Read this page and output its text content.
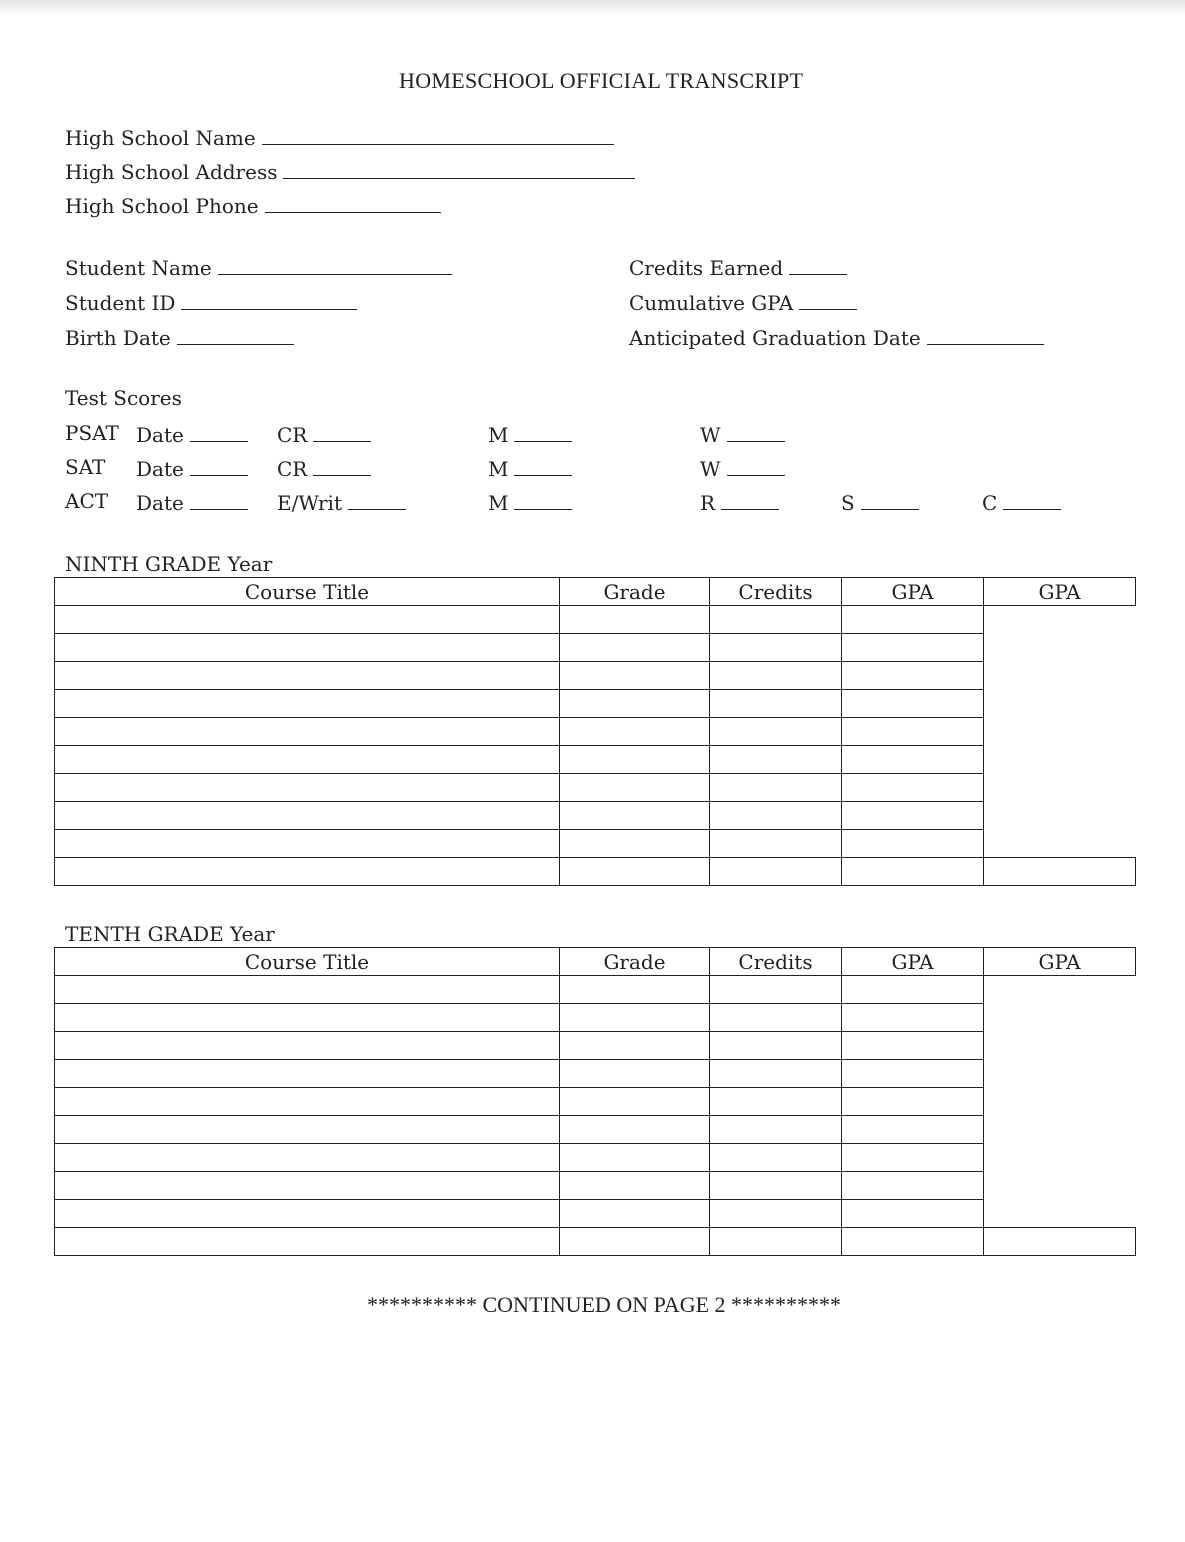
HOMESCHOOL OFFICIAL TRANSCRIPT
High School Name
High School Address
High School Phone
Student Name
Student ID
Birth Date
Credits Earned
Cumulative GPA
Anticipated Graduation Date
Test Scores
PSAT Date	CR	M	W
SAT Date	CR	M	W
ACT Date	E/Writ	M	R	S	C
NINTH GRADE Year
Course Title	Grade	Credits	GPA	GPA

TENTH GRADE Year
Course Title	Grade	Credits	GPA	GPA

********** CONTINUED ON PAGE 2 **********
